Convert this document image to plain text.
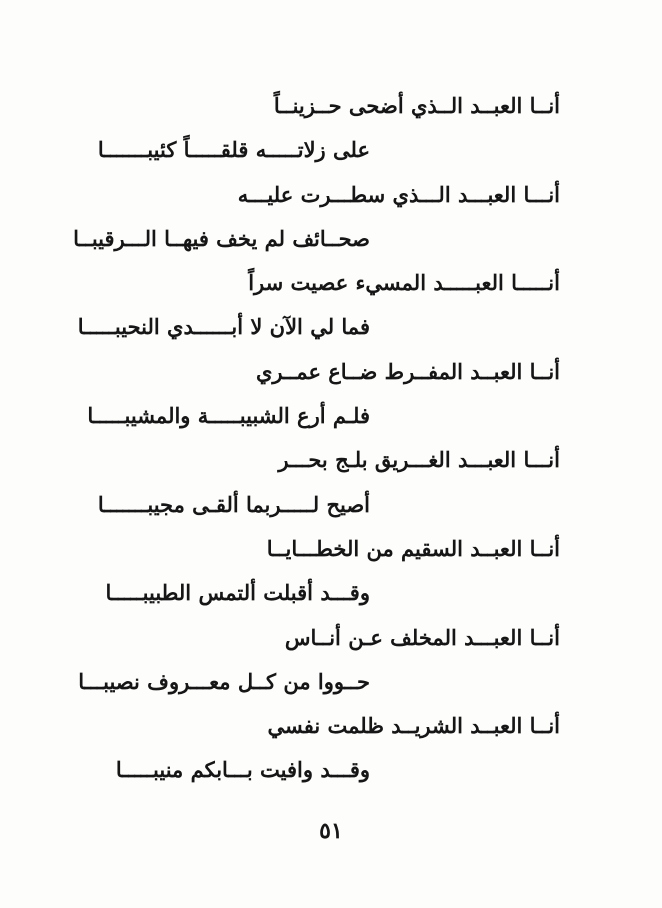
أنــا العبــد الــذي أضحى حــزينــاً
على زلاتـــــه قلقـــــاً كئيبـــــــا
أنـــا العبـــد الـــذي سطـــرت عليـــه
صحــائف لم يخف فيهــا الـــرقيبــا
أنـــــا العبـــــد المسيء عصيت سراً
فما لي الآن لا أبــــــدي النحيبـــــا
أنــا العبــد المفــرط ضــاع عمــري
فلـم أرع الشبيبـــــة والمشيبـــــا
أنـــا العبـــد الغـــريق بلـج بحـــر
أصيح لـــــربما ألقـى مجيبـــــــا
أنــا العبــد السقيم من الخطـــايــا
وقـــد أقبلت ألتمس الطبيبـــــا
أنــا العبـــد المخلف عـن أنــاس
حــووا من كــل معـــروف نصيبـــا
أنــا العبــد الشريــد ظلمت نفسي
وقـــد وافيت بـــابكم منيبـــــا
٥١
